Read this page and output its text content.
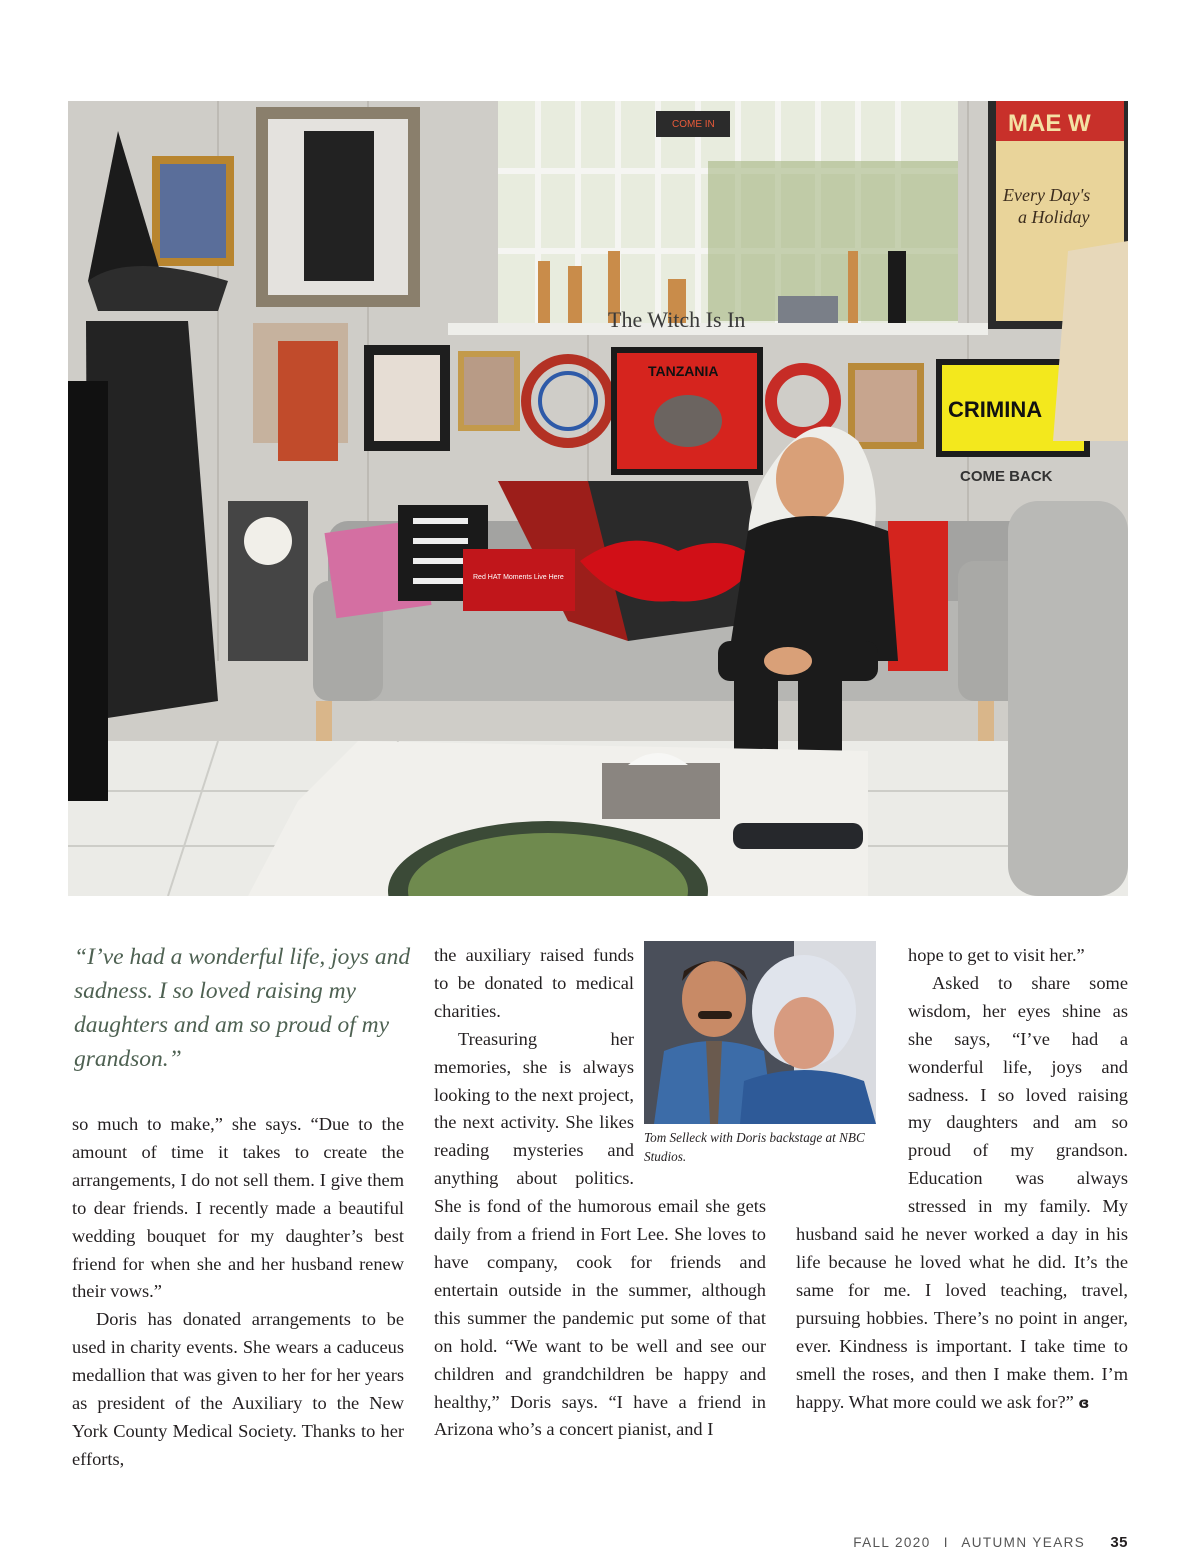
MAE W
Every Day's
a Holiday
COME IN
The Witch Is In
TANZANIA
CRIMINA
COME BACK
Red HAT Moments Live Here

“I’ve had a wonderful life, joys and sadness. I so loved raising my daughters and am so proud of my grandson.”

so much to make,” she says. “Due to the amount of time it takes to create the arrangements, I do not sell them. I give them to dear friends. I recently made a beautiful wedding bouquet for my daughter’s best friend for when she and her husband renew their vows.”

Doris has donated arrangements to be used in charity events. She wears a caduceus medallion that was given to her for her years as president of the Auxiliary to the New York County Medical Society. Thanks to her efforts,

Tom Selleck with Doris backstage at NBC Studios.

the auxiliary raised funds to be donated to medical charities.

Treasuring her memories, she is always looking to the next project, the next activity. She likes reading mysteries and anything about politics. She is fond of the humorous email she gets daily from a friend in Fort Lee. She loves to have company, cook for friends and entertain outside in the summer, although this summer the pandemic put some of that on hold. “We want to be well and see our children and grandchildren be happy and healthy,” Doris says. “I have a friend in Arizona who’s a concert pianist, and I

hope to get to visit her.”

Asked to share some wisdom, her eyes shine as she says, “I’ve had a wonderful life, joys and sadness. I so loved raising my daughters and am so proud of my grandson. Education was always stressed in my family. My husband said he never worked a day in his life because he loved what he did. It’s the same for me. I loved teaching, travel, pursuing hobbies. There’s no point in anger, ever. Kindness is important. I take time to smell the roses, and then I make them. I’m happy. What more could we ask for?” ɞ

FALL 2020 I AUTUMN YEARS 35
